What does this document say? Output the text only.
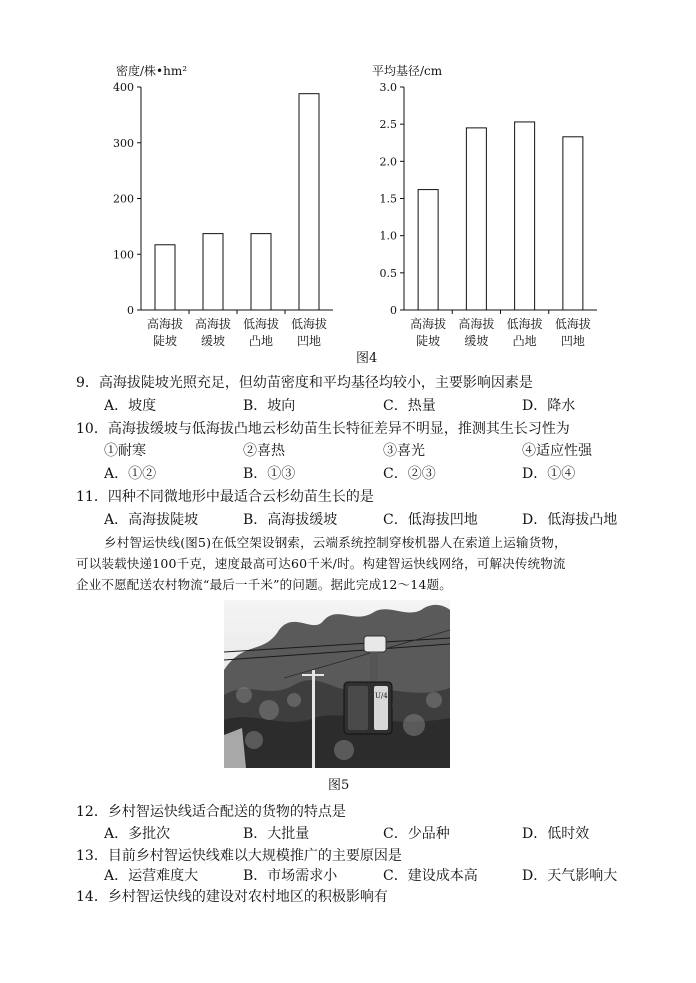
密度/株•hm²
0
100
200
300
400
高海拔
陡坡
高海拔
缓坡
低海拔
凸地
低海拔
凹地
平均基径/cm
0
0.5
1.0
1.5
2.0
2.5
3.0
高海拔
陡坡
高海拔
缓坡
低海拔
凸地
低海拔
凹地
图4
9．高海拔陡坡光照充足，但幼苗密度和平均基径均较小，主要影响因素是
A．坡度	B．坡向	C．热量	D．降水
10．高海拔缓坡与低海拔凸地云杉幼苗生长特征差异不明显，推测其生长习性为
①耐寒	②喜热	③喜光	④适应性强
A．①②	B．①③	C．②③	D．①④
11．四种不同微地形中最适合云杉幼苗生长的是
A．高海拔陡坡	B．高海拔缓坡	C．低海拔凹地	D．低海拔凸地
乡村智运快线(图5)在低空架设钢索，云端系统控制穿梭机器人在索道上运输货物，
可以装载快递100千克，速度最高可达60千米/时。构建智运快线网络，可解决传统物流
企业不愿配送农村物流“最后一千米”的问题。据此完成12～14题。
U/4
图5
12．乡村智运快线适合配送的货物的特点是
A．多批次	B．大批量	C．少品种	D．低时效
13．目前乡村智运快线难以大规模推广的主要原因是
A．运营难度大	B．市场需求小	C．建设成本高	D．天气影响大
14．乡村智运快线的建设对农村地区的积极影响有
